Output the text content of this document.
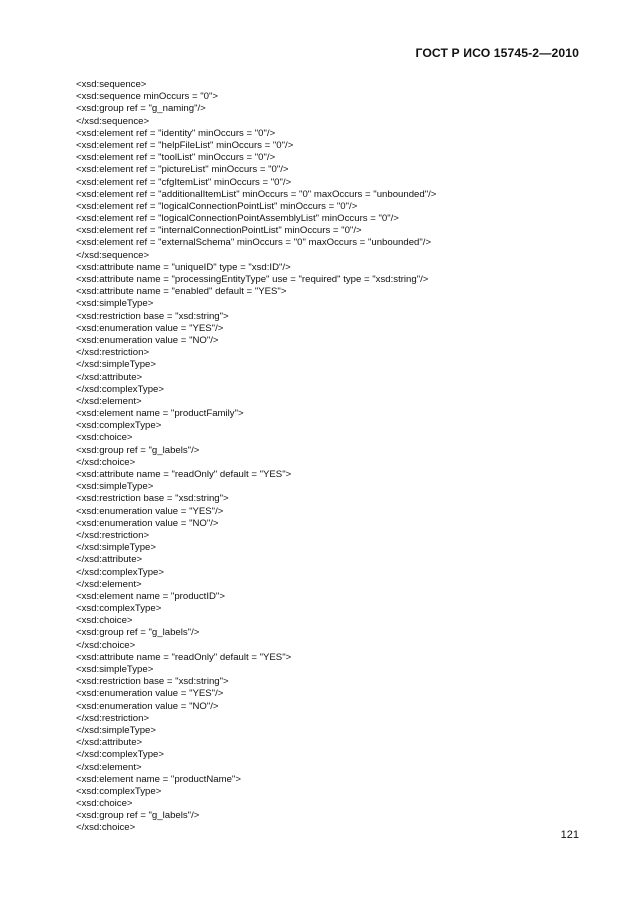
ГОСТ Р ИСО 15745-2—2010
<xsd:sequence>
<xsd:sequence minOccurs = "0">
<xsd:group ref = "g_naming"/>
</xsd:sequence>
<xsd:element ref = "identity" minOccurs = "0"/>
<xsd:element ref = "helpFileList" minOccurs = "0"/>
<xsd:element ref = "toolList" minOccurs = "0"/>
<xsd:element ref = "pictureList" minOccurs = "0"/>
<xsd:element ref = "cfgItemList" minOccurs = "0"/>
<xsd:element ref = "additionalItemList" minOccurs = "0" maxOccurs = "unbounded"/>
<xsd:element ref = "logicalConnectionPointList" minOccurs = "0"/>
<xsd:element ref = "logicalConnectionPointAssemblyList" minOccurs = "0"/>
<xsd:element ref = "internalConnectionPointList" minOccurs = "0"/>
<xsd:element ref = "externalSchema" minOccurs = "0" maxOccurs = "unbounded"/>
</xsd:sequence>
<xsd:attribute name = "uniqueID" type = "xsd:ID"/>
<xsd:attribute name = "processingEntityType" use = "required" type = "xsd:string"/>
<xsd:attribute name = "enabled" default = "YES">
<xsd:simpleType>
<xsd:restriction base = "xsd:string">
<xsd:enumeration value = "YES"/>
<xsd:enumeration value = "NO"/>
</xsd:restriction>
</xsd:simpleType>
</xsd:attribute>
</xsd:complexType>
</xsd:element>
<xsd:element name = "productFamily">
<xsd:complexType>
<xsd:choice>
<xsd:group ref = "g_labels"/>
</xsd:choice>
<xsd:attribute name = "readOnly" default = "YES">
<xsd:simpleType>
<xsd:restriction base = "xsd:string">
<xsd:enumeration value = "YES"/>
<xsd:enumeration value = "NO"/>
</xsd:restriction>
</xsd:simpleType>
</xsd:attribute>
</xsd:complexType>
</xsd:element>
<xsd:element name = "productID">
<xsd:complexType>
<xsd:choice>
<xsd:group ref = "g_labels"/>
</xsd:choice>
<xsd:attribute name = "readOnly" default = "YES">
<xsd:simpleType>
<xsd:restriction base = "xsd:string">
<xsd:enumeration value = "YES"/>
<xsd:enumeration value = "NO"/>
</xsd:restriction>
</xsd:simpleType>
</xsd:attribute>
</xsd:complexType>
</xsd:element>
<xsd:element name = "productName">
<xsd:complexType>
<xsd:choice>
<xsd:group ref = "g_labels"/>
</xsd:choice>
121
